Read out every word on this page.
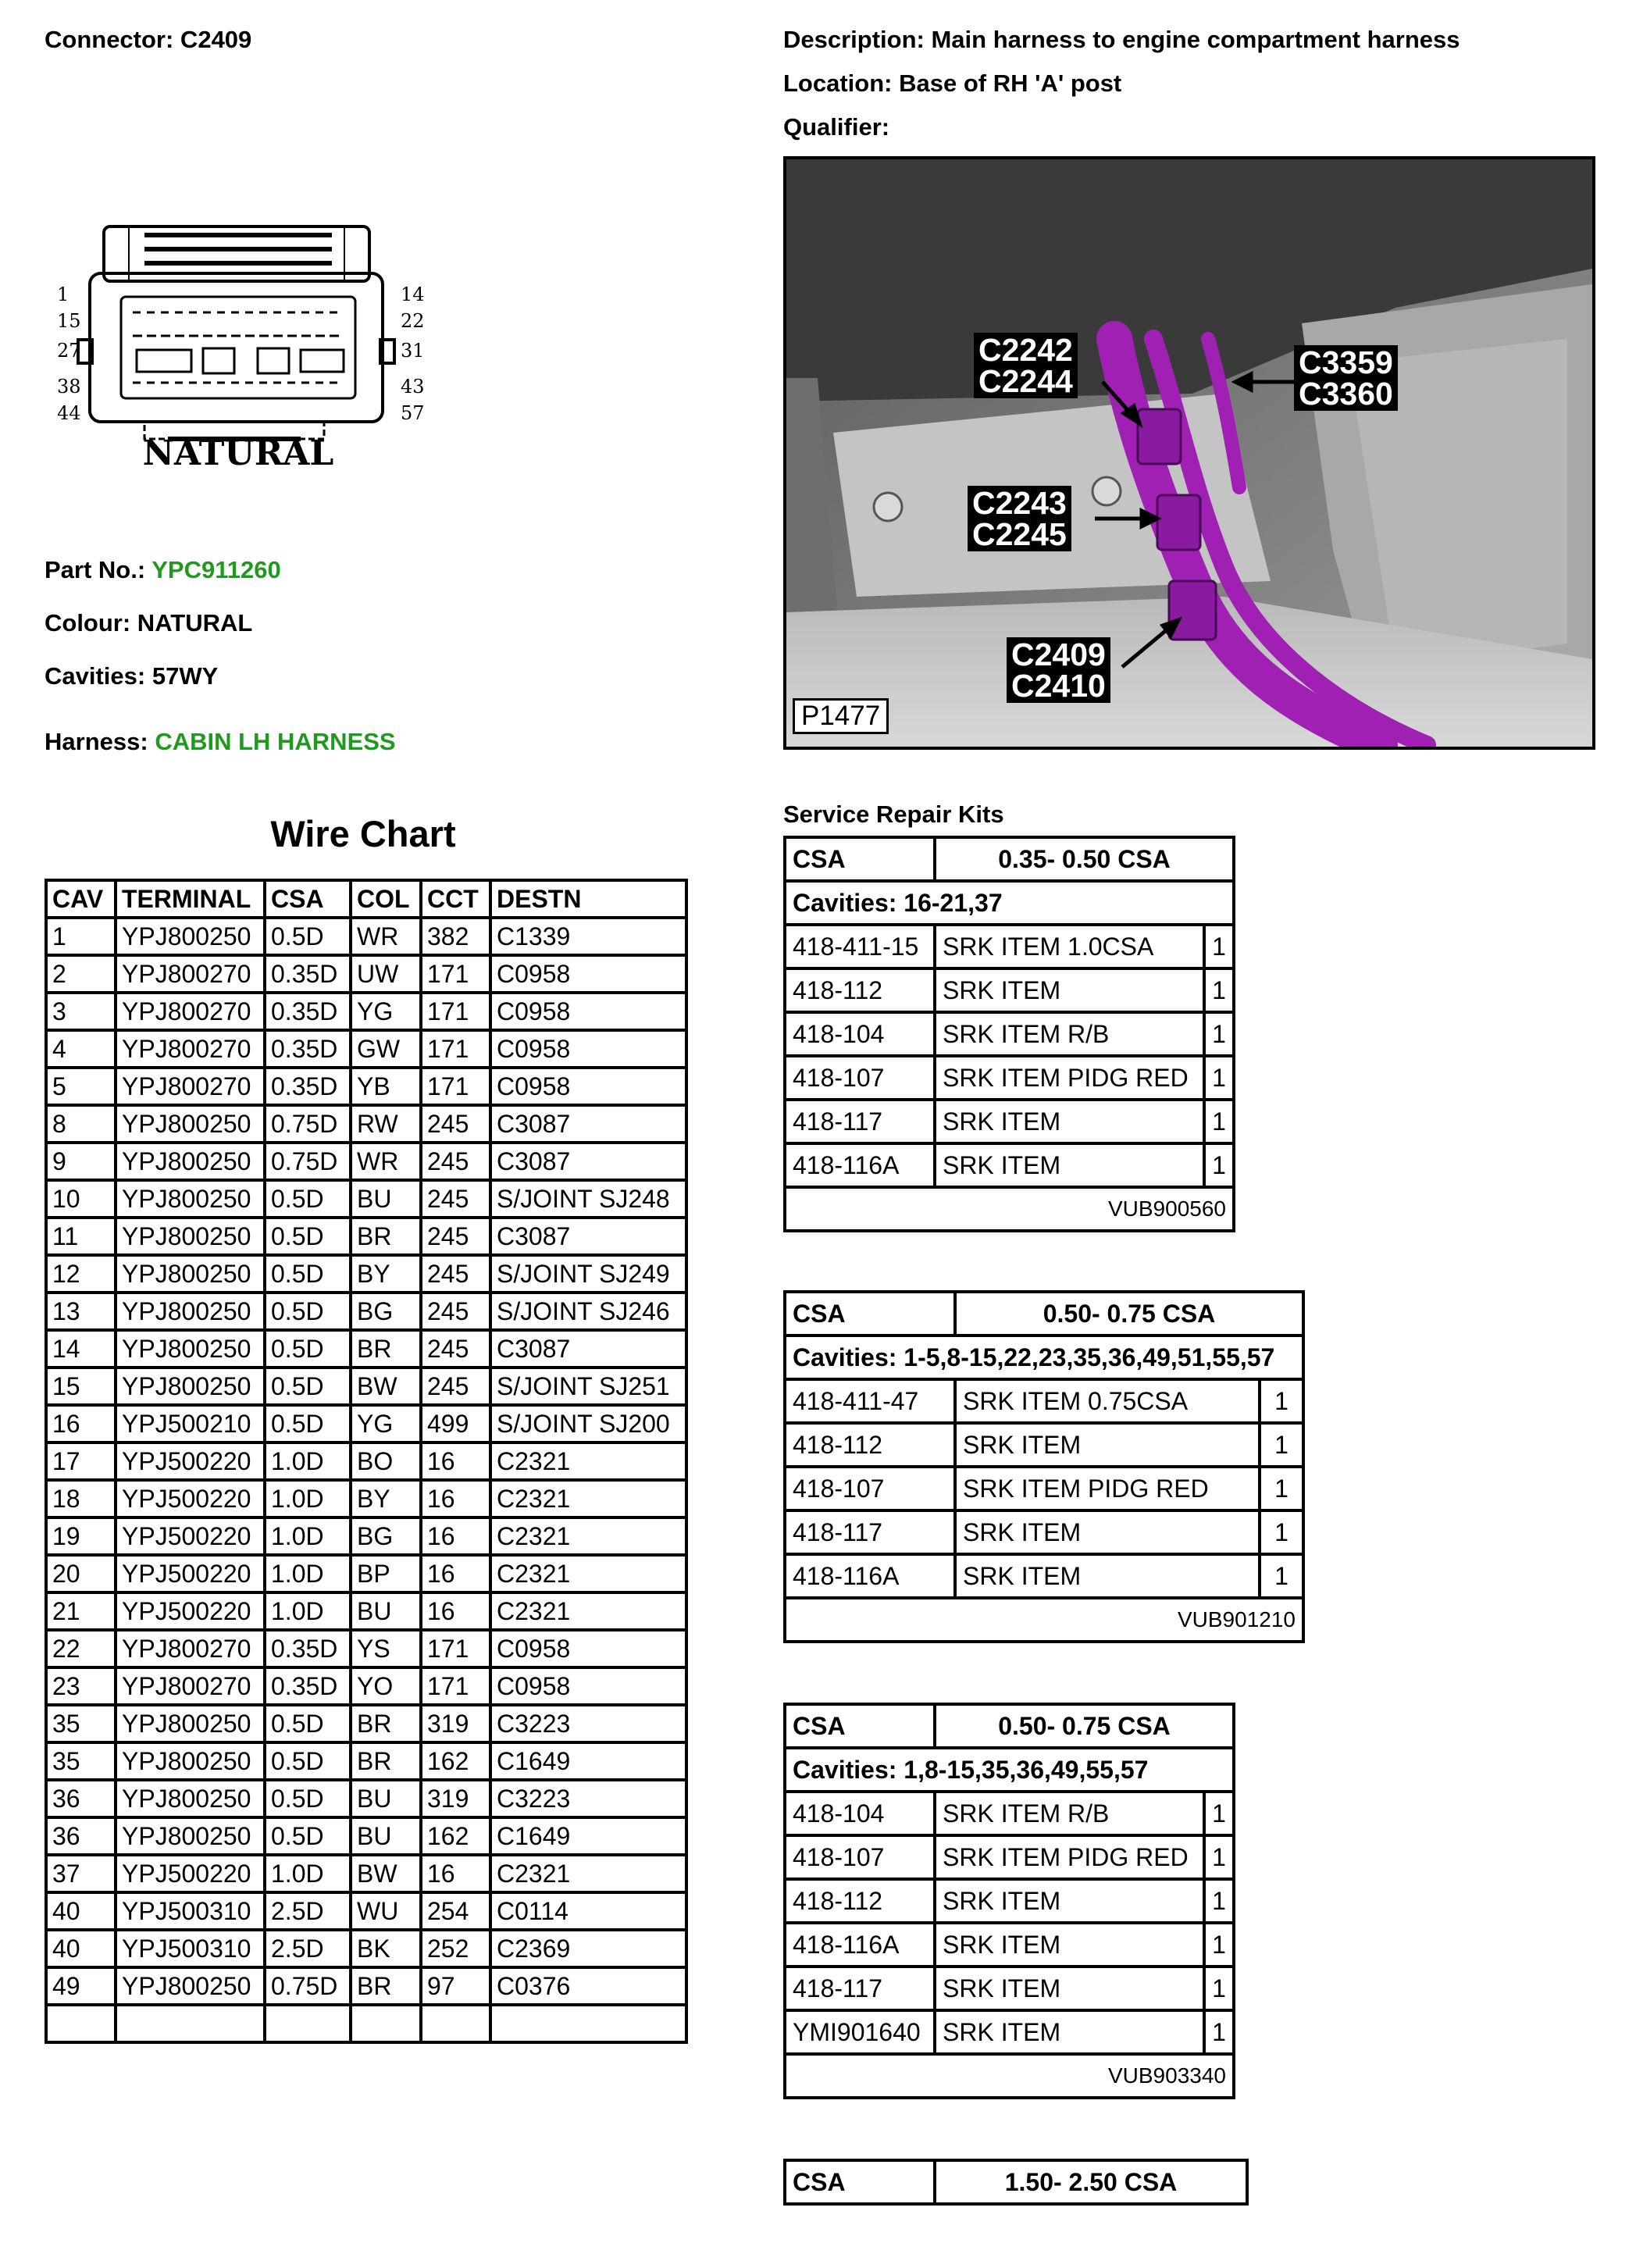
Connector: C2409	Description: Main harness to engine compartment harness
Location: Base of RH 'A' post
Qualifier:
1
15
27
38
44
14
22
31
43
57
NATURAL
Part No.: YPC911260
Colour: NATURAL
Cavities: 57WY
Harness: CABIN LH HARNESS
C2242
C2244
C3359
C3360
C2243
C2245
C2409
C2410
P1477
Wire Chart
CAV	TERMINAL	CSA	COL	CCT	DESTN
1	YPJ800250	0.5D	WR	382	C1339
2	YPJ800270	0.35D	UW	171	C0958
3	YPJ800270	0.35D	YG	171	C0958
4	YPJ800270	0.35D	GW	171	C0958
5	YPJ800270	0.35D	YB	171	C0958
8	YPJ800250	0.75D	RW	245	C3087
9	YPJ800250	0.75D	WR	245	C3087
10	YPJ800250	0.5D	BU	245	S/JOINT SJ248
11	YPJ800250	0.5D	BR	245	C3087
12	YPJ800250	0.5D	BY	245	S/JOINT SJ249
13	YPJ800250	0.5D	BG	245	S/JOINT SJ246
14	YPJ800250	0.5D	BR	245	C3087
15	YPJ800250	0.5D	BW	245	S/JOINT SJ251
16	YPJ500210	0.5D	YG	499	S/JOINT SJ200
17	YPJ500220	1.0D	BO	16	C2321
18	YPJ500220	1.0D	BY	16	C2321
19	YPJ500220	1.0D	BG	16	C2321
20	YPJ500220	1.0D	BP	16	C2321
21	YPJ500220	1.0D	BU	16	C2321
22	YPJ800270	0.35D	YS	171	C0958
23	YPJ800270	0.35D	YO	171	C0958
35	YPJ800250	0.5D	BR	319	C3223
35	YPJ800250	0.5D	BR	162	C1649
36	YPJ800250	0.5D	BU	319	C3223
36	YPJ800250	0.5D	BU	162	C1649
37	YPJ500220	1.0D	BW	16	C2321
40	YPJ500310	2.5D	WU	254	C0114
40	YPJ500310	2.5D	BK	252	C2369
49	YPJ800250	0.75D	BR	97	C0376

Service Repair Kits
CSA	0.35- 0.50 CSA	
Cavities: 16-21,37		
418-411-15	SRK ITEM 1.0CSA	1
418-112	SRK ITEM	1
418-104	SRK ITEM R/B	1
418-107	SRK ITEM PIDG RED	1
418-117	SRK ITEM	1
418-116A	SRK ITEM	1
VUB900560		
CSA	0.50- 0.75 CSA	
Cavities: 1-5,8-15,22,23,35,36,49,51,55,57		
418-411-47	SRK ITEM 0.75CSA	1
418-112	SRK ITEM	1
418-107	SRK ITEM PIDG RED	1
418-117	SRK ITEM	1
418-116A	SRK ITEM	1
VUB901210		
CSA	0.50- 0.75 CSA	
Cavities: 1,8-15,35,36,49,55,57		
418-104	SRK ITEM R/B	1
418-107	SRK ITEM PIDG RED	1
418-112	SRK ITEM	1
418-116A	SRK ITEM	1
418-117	SRK ITEM	1
YMI901640	SRK ITEM	1
VUB903340		
CSA	1.50- 2.50 CSA
